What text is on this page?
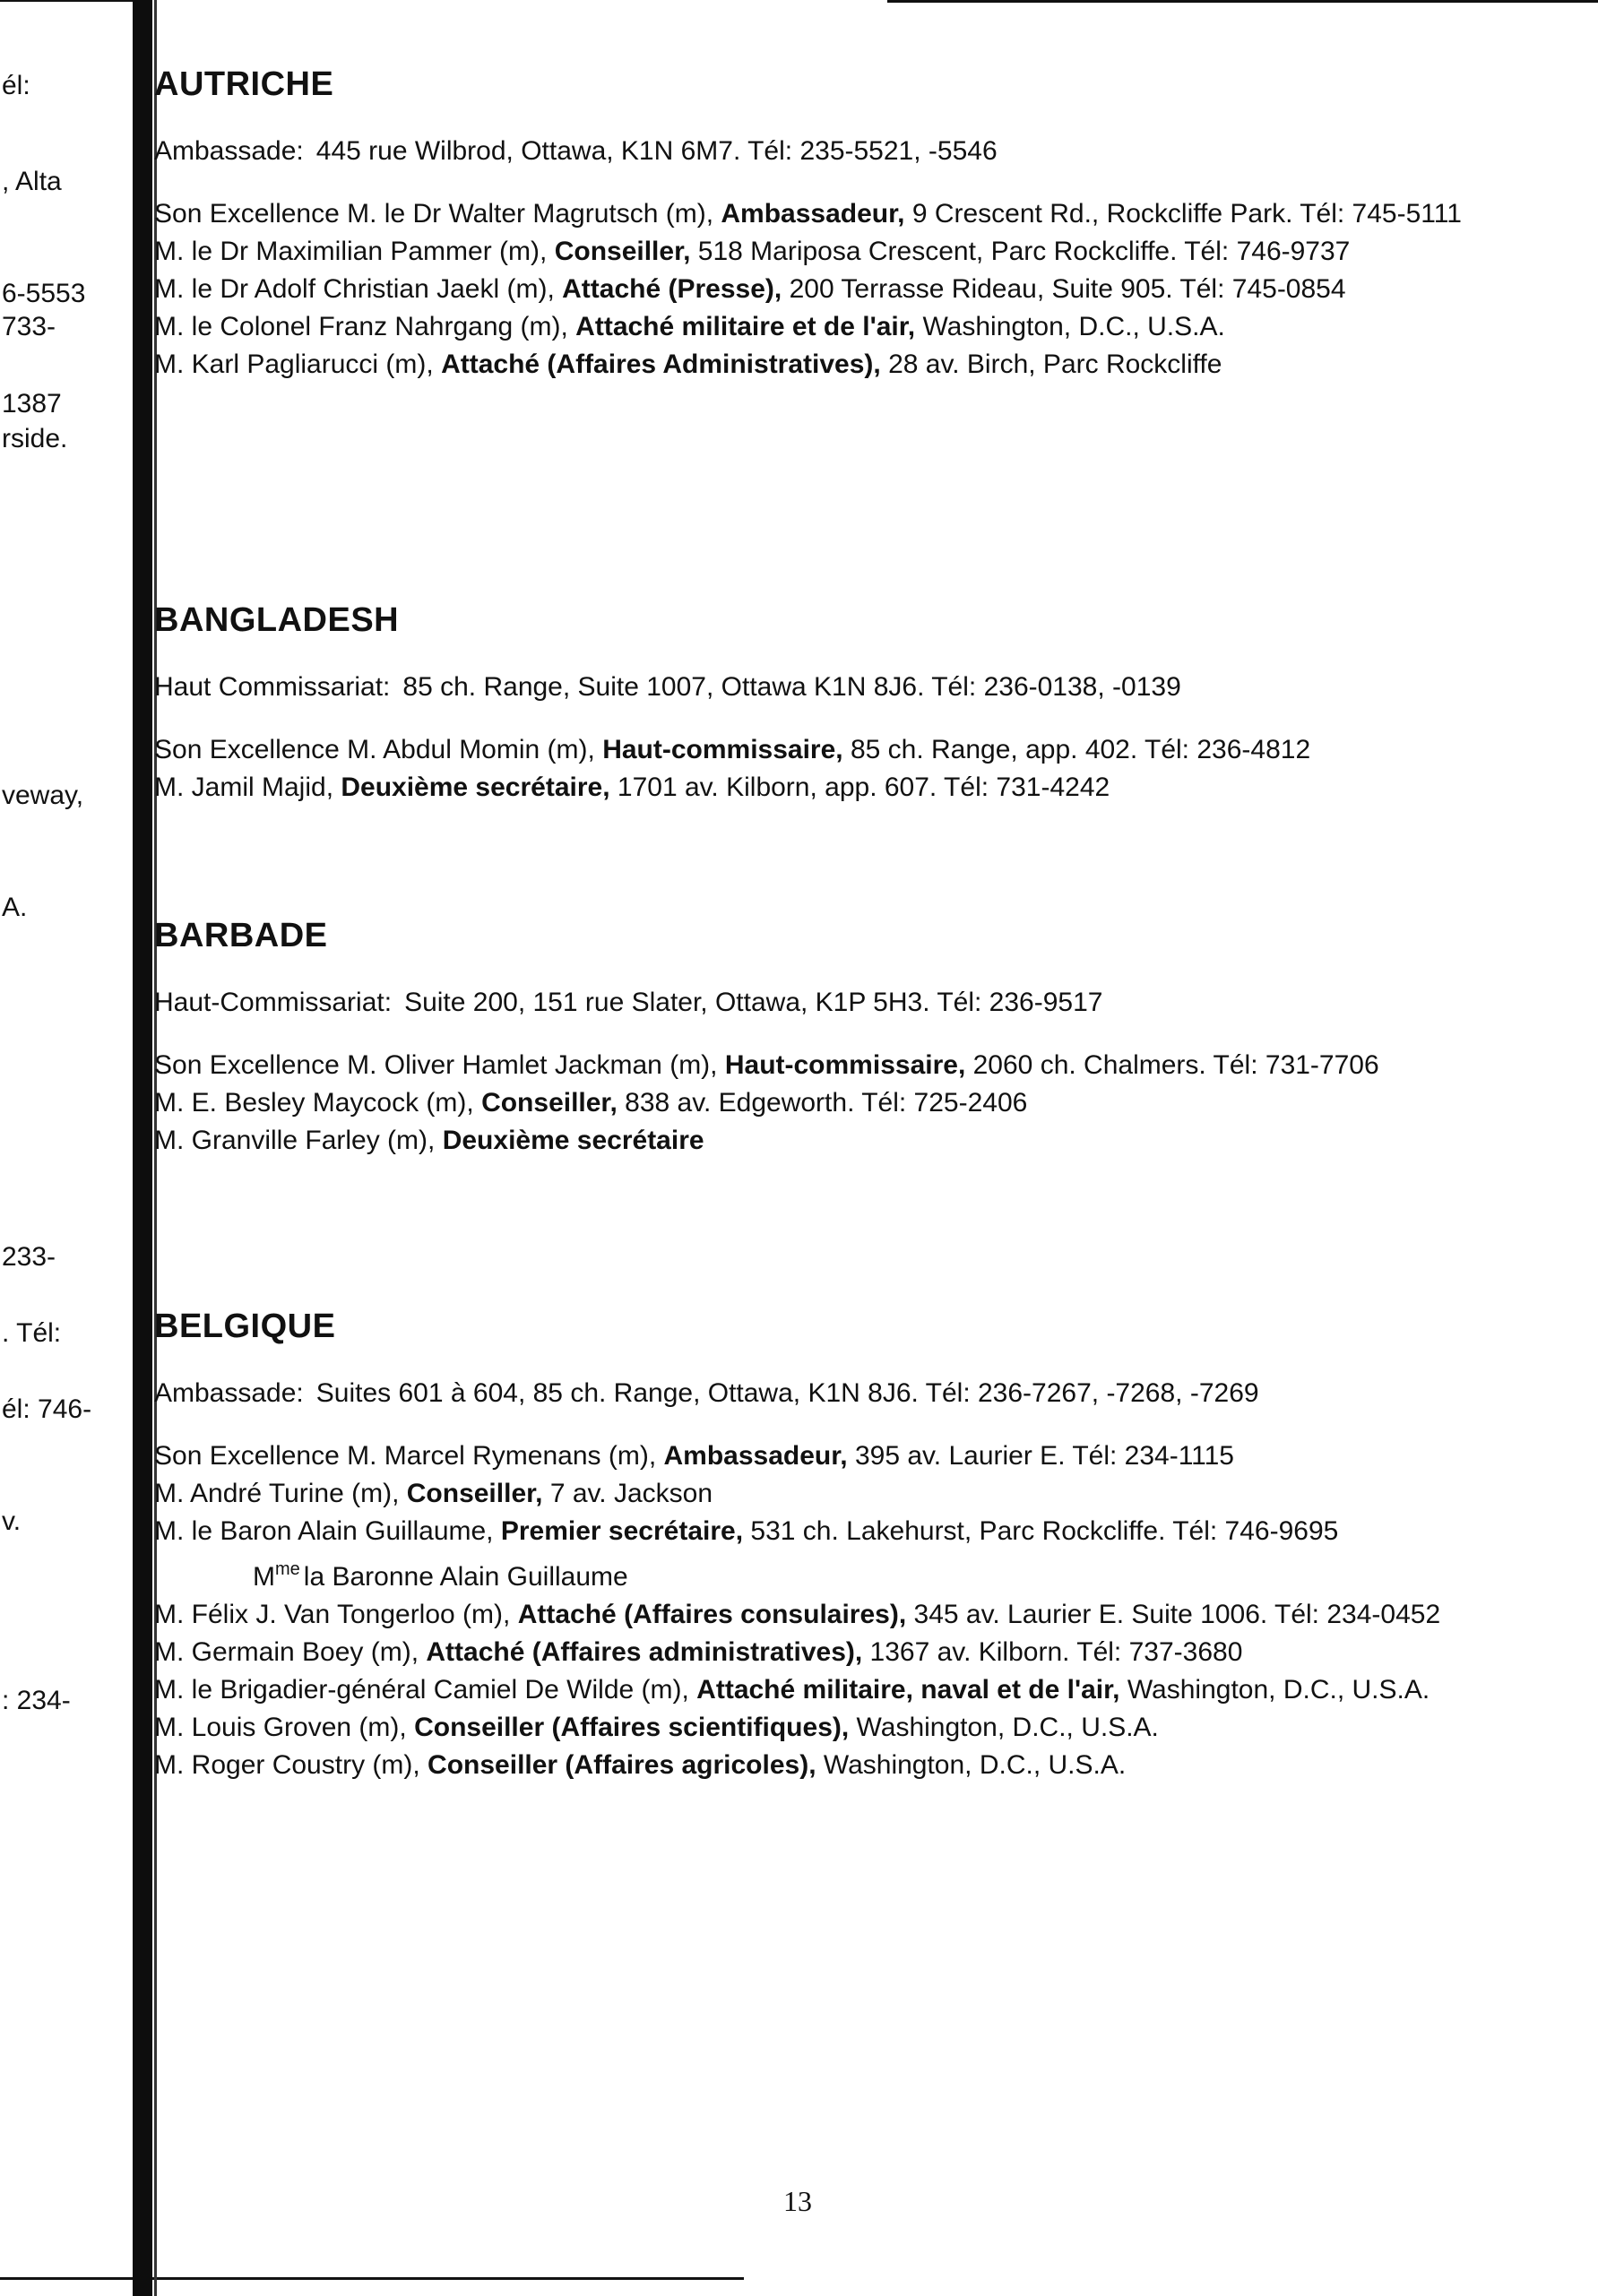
él:
, Alta
6-5553
733-
1387
rside.
veway,
A.
233-
. Tél:
él: 746-
v.
: 234-
AUTRICHE
Ambassade: 445 rue Wilbrod, Ottawa, K1N 6M7. Tél: 235-5521, -5546
Son Excellence M. le Dr Walter Magrutsch (m), Ambassadeur, 9 Crescent Rd., Rockcliffe Park. Tél: 745-5111
M. le Dr Maximilian Pammer (m), Conseiller, 518 Mariposa Crescent, Parc Rockcliffe. Tél: 746-9737
M. le Dr Adolf Christian Jaekl (m), Attaché (Presse), 200 Terrasse Rideau, Suite 905. Tél: 745-0854
M. le Colonel Franz Nahrgang (m), Attaché militaire et de l'air, Washington, D.C., U.S.A.
M. Karl Pagliarucci (m), Attaché (Affaires Administratives), 28 av. Birch, Parc Rockcliffe
BANGLADESH
Haut Commissariat: 85 ch. Range, Suite 1007, Ottawa K1N 8J6. Tél: 236-0138, -0139
Son Excellence M. Abdul Momin (m), Haut-commissaire, 85 ch. Range, app. 402. Tél: 236-4812
M. Jamil Majid, Deuxième secrétaire, 1701 av. Kilborn, app. 607. Tél: 731-4242
BARBADE
Haut-Commissariat: Suite 200, 151 rue Slater, Ottawa, K1P 5H3. Tél: 236-9517
Son Excellence M. Oliver Hamlet Jackman (m), Haut-commissaire, 2060 ch. Chalmers. Tél: 731-7706
M. E. Besley Maycock (m), Conseiller, 838 av. Edgeworth. Tél: 725-2406
M. Granville Farley (m), Deuxième secrétaire
BELGIQUE
Ambassade: Suites 601 à 604, 85 ch. Range, Ottawa, K1N 8J6. Tél: 236-7267, -7268, -7269
Son Excellence M. Marcel Rymenans (m), Ambassadeur, 395 av. Laurier E. Tél: 234-1115
M. André Turine (m), Conseiller, 7 av. Jackson
M. le Baron Alain Guillaume, Premier secrétaire, 531 ch. Lakehurst, Parc Rockcliffe. Tél: 746-9695
$M^{me}$ la Baronne Alain Guillaume
M. Félix J. Van Tongerloo (m), Attaché (Affaires consulaires), 345 av. Laurier E. Suite 1006. Tél: 234-0452
M. Germain Boey (m), Attaché (Affaires administratives), 1367 av. Kilborn. Tél: 737-3680
M. le Brigadier-général Camiel De Wilde (m), Attaché militaire, naval et de l'air, Washington, D.C., U.S.A.
M. Louis Groven (m), Conseiller (Affaires scientifiques), Washington, D.C., U.S.A.
M. Roger Coustry (m), Conseiller (Affaires agricoles), Washington, D.C., U.S.A.
13
